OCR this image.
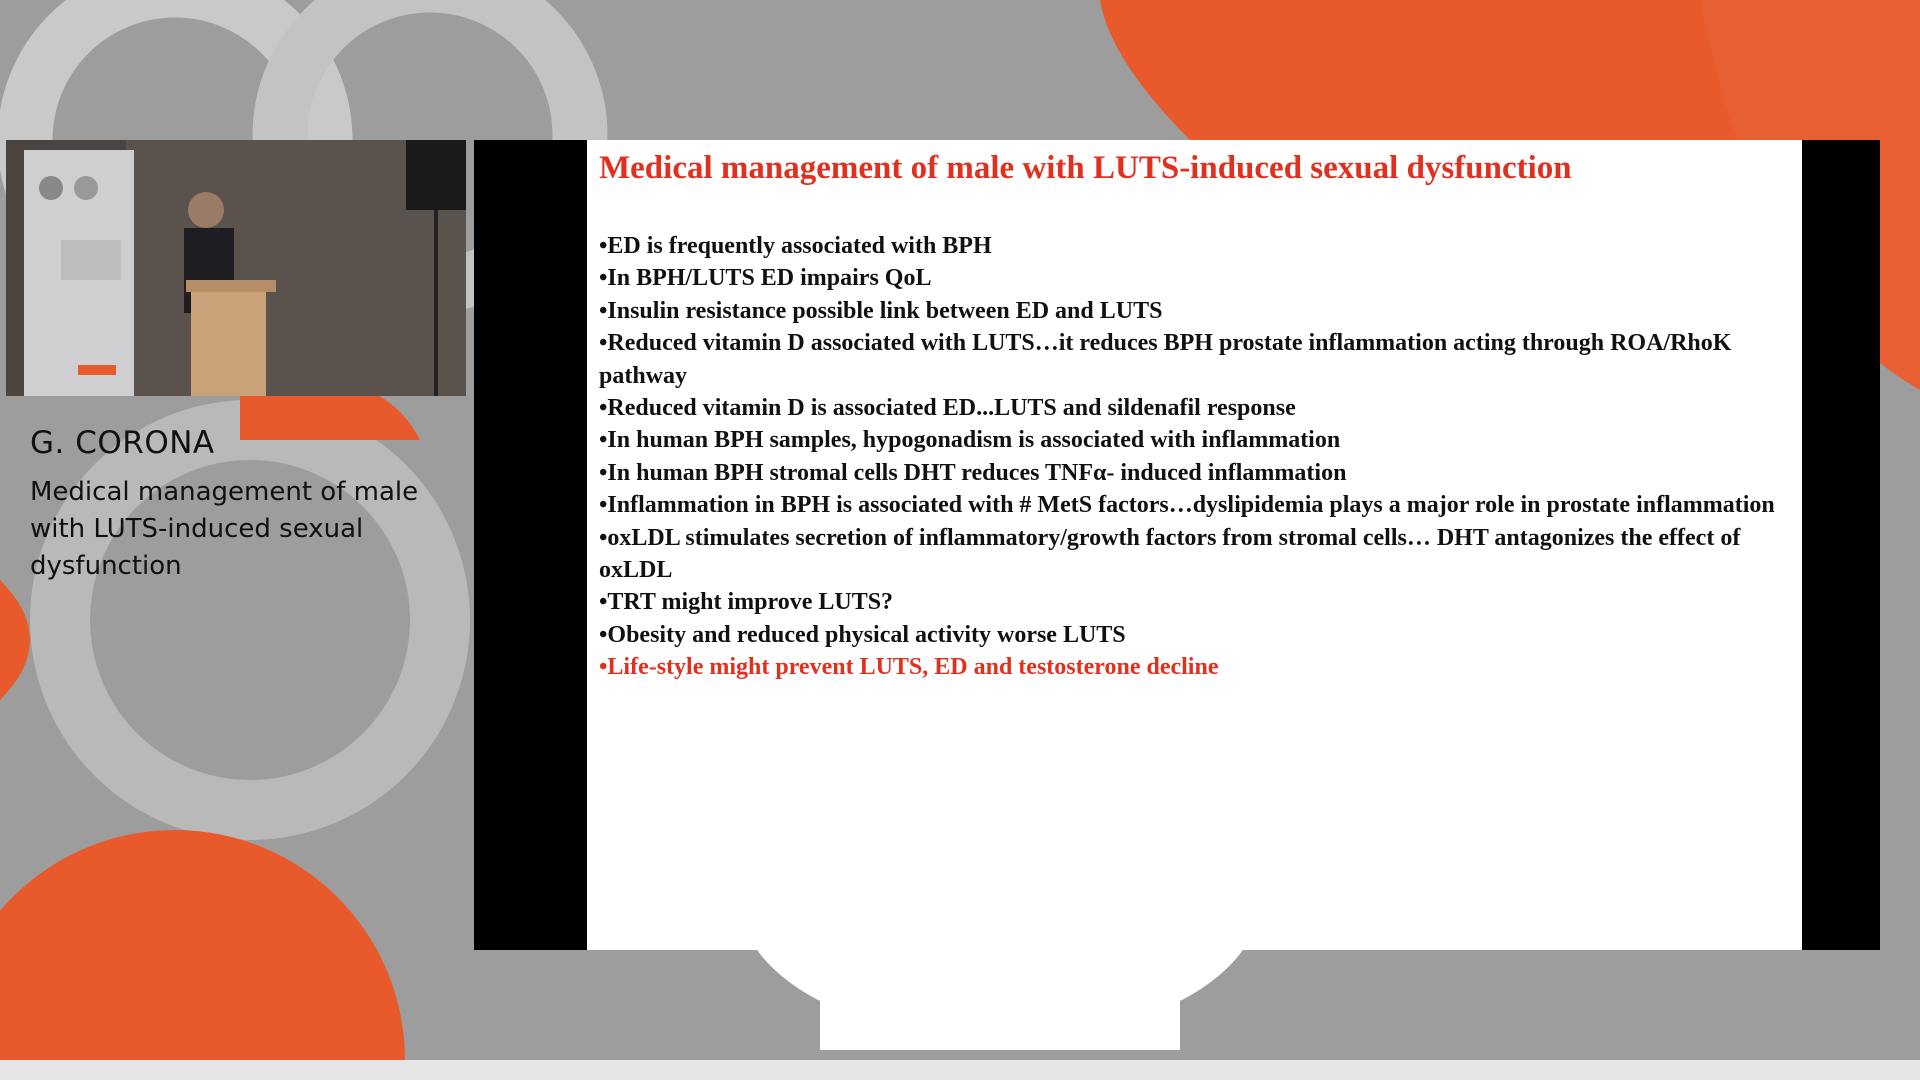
G. CORONA
Medical management of male with LUTS-induced sexual dysfunction
Medical management of male with LUTS-induced sexual dysfunction

•ED is frequently associated with BPH

•In BPH/LUTS ED impairs QoL

•Insulin resistance possible link between ED and LUTS

•Reduced vitamin D associated with LUTS…it reduces BPH prostate inflammation acting through ROA/RhoK pathway

•Reduced vitamin D is associated ED...LUTS and sildenafil response

•In human BPH samples, hypogonadism is associated with inflammation

•In human BPH stromal cells DHT reduces TNFα- induced inflammation

•Inflammation in BPH is associated with # MetS factors…dyslipidemia plays a major role in prostate inflammation

•oxLDL stimulates secretion of inflammatory/growth factors from stromal cells… DHT antagonizes the effect of oxLDL

•TRT might improve LUTS?

•Obesity and reduced physical activity worse LUTS

•Life-style might prevent LUTS, ED and testosterone decline
